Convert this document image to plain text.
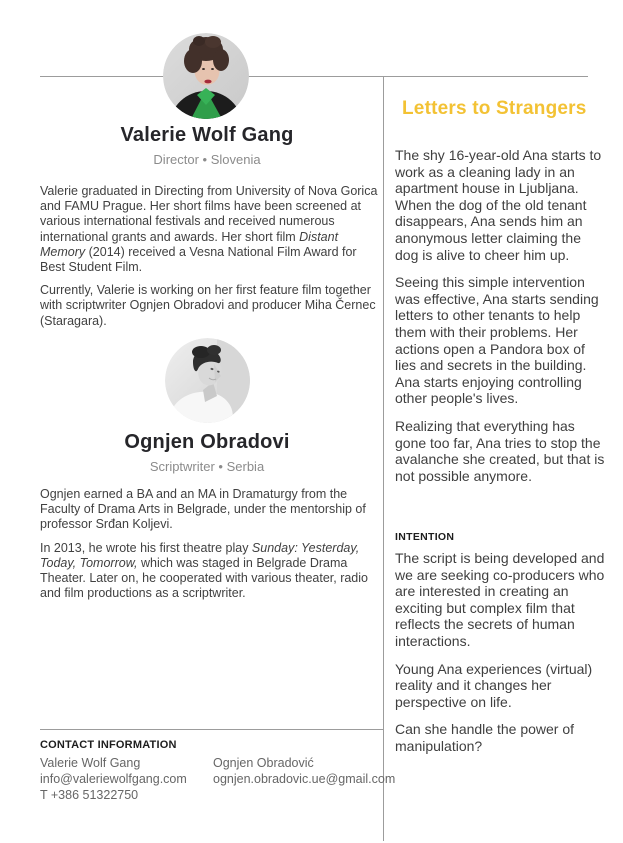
Valerie Wolf Gang
Director • Slovenia

Valerie graduated in Directing from University of Nova Gorica and FAMU Prague. Her short films have been screened at various international festivals and received numerous international grants and awards. Her short film Distant Memory (2014) received a Vesna National Film Award for Best Student Film.

Currently, Valerie is working on her first feature film together with scriptwriter Ognjen Obradovi and producer Miha Černec (Staragara).

Ognjen Obradovi
Scriptwriter • Serbia

Ognjen earned a BA and an MA in Dramaturgy from the Faculty of Drama Arts in Belgrade, under the mentorship of professor Srđan Koljevi.

In 2013, he wrote his first theatre play Sunday: Yesterday, Today, Tomorrow, which was staged in Belgrade Drama Theater. Later on, he cooperated with various theater, radio and film productions as a scriptwriter.

CONTACT INFORMATION
Valerie Wolf Gang
info@valeriewolfgang.com
T +386 51322750
Ognjen Obradović
ognjen.obradovic.ue@gmail.com
Letters to Strangers

The shy 16-year-old Ana starts to work as a cleaning lady in an apartment house in Ljubljana. When the dog of the old tenant disappears, Ana sends him an anonymous letter claiming the dog is alive to cheer him up.

Seeing this simple intervention was effective, Ana starts sending letters to other tenants to help them with their problems. Her actions open a Pandora box of lies and secrets in the building. Ana starts enjoying controlling other people's lives.

Realizing that everything has gone too far, Ana tries to stop the avalanche she created, but that is not possible anymore.

INTENTION

The script is being developed and we are seeking co-producers who are interested in creating an exciting but complex film that reflects the secrets of human interactions.

Young Ana experiences (virtual) reality and it changes her perspective on life.

Can she handle the power of manipulation?
